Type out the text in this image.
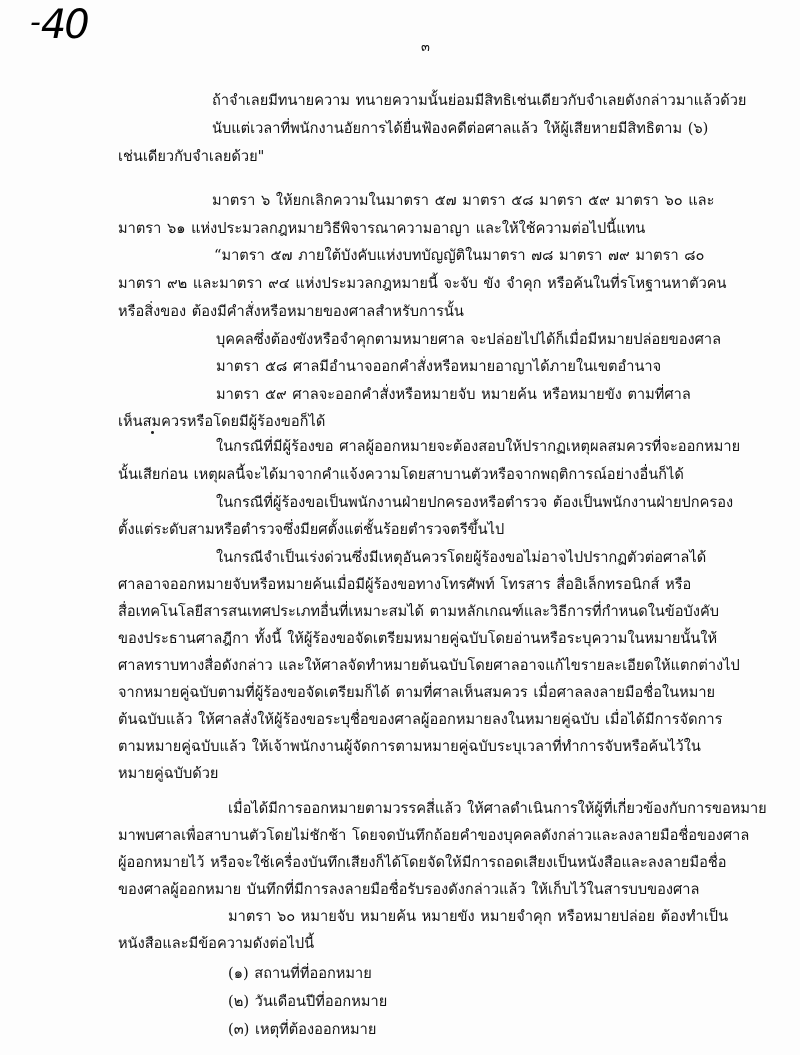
-40	๓
ถ้าจำเลยมีทนายความ ทนายความนั้นย่อมมีสิทธิเช่นเดียวกับจำเลยดังกล่าวมาแล้วด้วย
นับแต่เวลาที่พนักงานอัยการได้ยื่นฟ้องคดีต่อศาลแล้ว ให้ผู้เสียหายมีสิทธิตาม (๖)
เช่นเดียวกับจำเลยด้วย"
มาตรา ๖ ให้ยกเลิกความในมาตรา ๕๗ มาตรา ๕๘ มาตรา ๕๙ มาตรา ๖๐ และ
มาตรา ๖๑ แห่งประมวลกฎหมายวิธีพิจารณาความอาญา และให้ใช้ความต่อไปนี้แทน
“มาตรา ๕๗ ภายใต้บังคับแห่งบทบัญญัติในมาตรา ๗๘ มาตรา ๗๙ มาตรา ๘๐
มาตรา ๙๒ และมาตรา ๙๔ แห่งประมวลกฎหมายนี้ จะจับ ขัง จำคุก หรือค้นในที่รโหฐานหาตัวคน
หรือสิ่งของ ต้องมีคำสั่งหรือหมายของศาลสำหรับการนั้น
บุคคลซึ่งต้องขังหรือจำคุกตามหมายศาล จะปล่อยไปได้ก็เมื่อมีหมายปล่อยของศาล
มาตรา ๕๘ ศาลมีอำนาจออกคำสั่งหรือหมายอาญาได้ภายในเขตอำนาจ
มาตรา ๕๙ ศาลจะออกคำสั่งหรือหมายจับ หมายค้น หรือหมายขัง ตามที่ศาล
เห็นสมควรหรือโดยมีผู้ร้องขอก็ได้
ในกรณีที่มีผู้ร้องขอ ศาลผู้ออกหมายจะต้องสอบให้ปรากฏเหตุผลสมควรที่จะออกหมาย
นั้นเสียก่อน เหตุผลนี้จะได้มาจากคำแจ้งความโดยสาบานตัวหรือจากพฤติการณ์อย่างอื่นก็ได้
ในกรณีที่ผู้ร้องขอเป็นพนักงานฝ่ายปกครองหรือตำรวจ ต้องเป็นพนักงานฝ่ายปกครอง
ตั้งแต่ระดับสามหรือตำรวจซึ่งมียศตั้งแต่ชั้นร้อยตำรวจตรีขึ้นไป
ในกรณีจำเป็นเร่งด่วนซึ่งมีเหตุอันควรโดยผู้ร้องขอไม่อาจไปปรากฏตัวต่อศาลได้
ศาลอาจออกหมายจับหรือหมายค้นเมื่อมีผู้ร้องขอทางโทรศัพท์ โทรสาร สื่ออิเล็กทรอนิกส์ หรือ
สื่อเทคโนโลยีสารสนเทศประเภทอื่นที่เหมาะสมได้ ตามหลักเกณฑ์และวิธีการที่กำหนดในข้อบังคับ
ของประธานศาลฎีกา ทั้งนี้ ให้ผู้ร้องขอจัดเตรียมหมายคู่ฉบับโดยอ่านหรือระบุความในหมายนั้นให้
ศาลทราบทางสื่อดังกล่าว และให้ศาลจัดทำหมายต้นฉบับโดยศาลอาจแก้ไขรายละเอียดให้แตกต่างไป
จากหมายคู่ฉบับตามที่ผู้ร้องขอจัดเตรียมก็ได้ ตามที่ศาลเห็นสมควร เมื่อศาลลงลายมือชื่อในหมาย
ต้นฉบับแล้ว ให้ศาลสั่งให้ผู้ร้องขอระบุชื่อของศาลผู้ออกหมายลงในหมายคู่ฉบับ เมื่อได้มีการจัดการ
ตามหมายคู่ฉบับแล้ว ให้เจ้าพนักงานผู้จัดการตามหมายคู่ฉบับระบุเวลาที่ทำการจับหรือค้นไว้ใน
หมายคู่ฉบับด้วย
เมื่อได้มีการออกหมายตามวรรคสี่แล้ว ให้ศาลดำเนินการให้ผู้ที่เกี่ยวข้องกับการขอหมาย
มาพบศาลเพื่อสาบานตัวโดยไม่ชักช้า โดยจดบันทึกถ้อยคำของบุคคลดังกล่าวและลงลายมือชื่อของศาล
ผู้ออกหมายไว้ หรือจะใช้เครื่องบันทึกเสียงก็ได้โดยจัดให้มีการถอดเสียงเป็นหนังสือและลงลายมือชื่อ
ของศาลผู้ออกหมาย บันทึกที่มีการลงลายมือชื่อรับรองดังกล่าวแล้ว ให้เก็บไว้ในสารบบของศาล
มาตรา ๖๐ หมายจับ หมายค้น หมายขัง หมายจำคุก หรือหมายปล่อย ต้องทำเป็น
หนังสือและมีข้อความดังต่อไปนี้
(๑) สถานที่ที่ออกหมาย
(๒) วันเดือนปีที่ออกหมาย
(๓) เหตุที่ต้องออกหมาย
